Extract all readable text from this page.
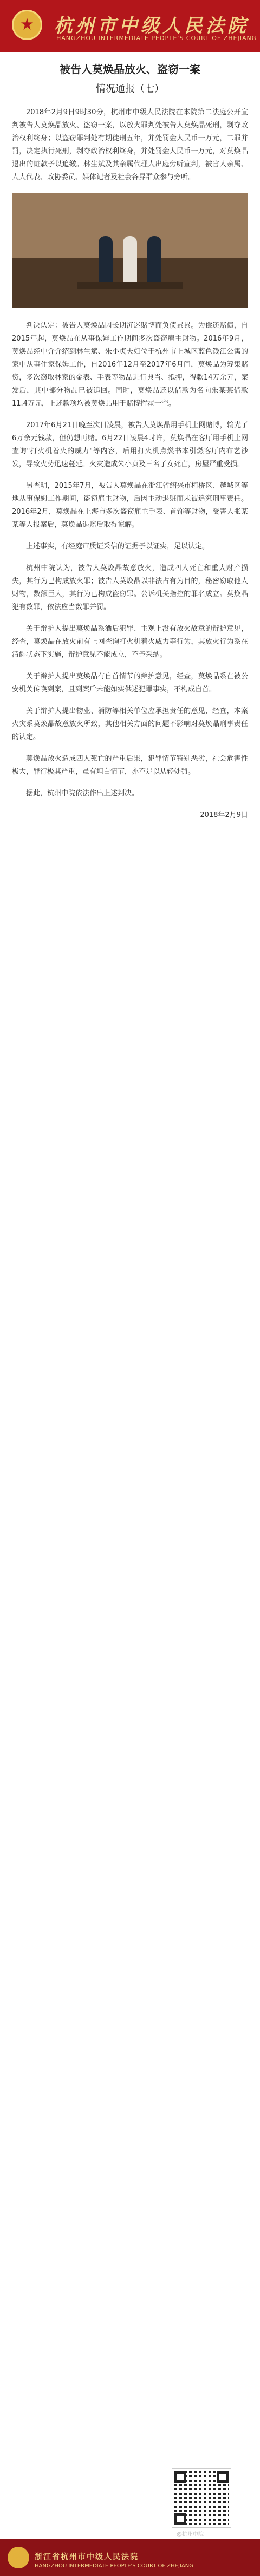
杭州市中级人民法院
HANGZHOU INTERMEDIATE PEOPLE'S COURT OF ZHEJIANG
被告人莫焕晶放火、盗窃一案
情况通报（七）

2018年2月9日9时30分，杭州市中级人民法院在本院第二法庭公开宣判被告人莫焕晶放火、盗窃一案，以放火罪判处被告人莫焕晶死刑，剥夺政治权利终身；以盗窃罪判处有期徒刑五年，并处罚金人民币一万元，二罪并罚，决定执行死刑，剥夺政治权利终身，并处罚金人民币一万元，对莫焕晶退出的赃款予以追缴。林生斌及其亲属代理人出庭旁听宣判，被害人亲属、人大代表、政协委员、媒体记者及社会各界群众参与旁听。

判决认定：被告人莫焕晶因长期沉迷赌博而负债累累。为偿还赌债，自2015年起，莫焕晶在从事保姆工作期间多次盗窃雇主财物。2016年9月，莫焕晶经中介介绍到林生斌、朱小贞夫妇位于杭州市上城区蓝色钱江公寓的家中从事住家保姆工作，自2016年12月至2017年6月间，莫焕晶为筹集赌资，多次窃取林家的金表、手表等物品进行典当、抵押，得款14万余元，案发后，其中部分物品已被追回。同时，莫焕晶还以借款为名向朱某某借款11.4万元，上述款项均被莫焕晶用于赌博挥霍一空。

2017年6月21日晚至次日凌晨，被告人莫焕晶用手机上网赌博，输光了6万余元钱款，但仍想再赌。6月22日凌晨4时许，莫焕晶在客厅用手机上网查询"打火机着火的威力"等内容，后用打火机点燃书本引燃客厅内布艺沙发，导致火势迅速蔓延。火灾造成朱小贞及三名子女死亡，房屋严重受损。

另查明，2015年7月，被告人莫焕晶在浙江省绍兴市柯桥区、越城区等地从事保姆工作期间，盗窃雇主财物，后因主动退赃而未被追究刑事责任。2016年2月，莫焕晶在上海市多次盗窃雇主手表、首饰等财物，受害人张某某等人报案后，莫焕晶退赔后取得谅解。

上述事实，有经庭审质证采信的证据予以证实，足以认定。

杭州中院认为，被告人莫焕晶故意放火，造成四人死亡和重大财产损失，其行为已构成放火罪；被告人莫焕晶以非法占有为目的，秘密窃取他人财物，数额巨大，其行为已构成盗窃罪。公诉机关指控的罪名成立。莫焕晶犯有数罪，依法应当数罪并罚。

关于辩护人提出莫焕晶系酒后犯罪、主观上没有放火故意的辩护意见，经查，莫焕晶在放火前有上网查询打火机着火威力等行为，其放火行为系在清醒状态下实施，辩护意见不能成立，不予采纳。

关于辩护人提出莫焕晶有自首情节的辩护意见，经查，莫焕晶系在被公安机关传唤到案，且到案后未能如实供述犯罪事实，不构成自首。

关于辩护人提出物业、消防等相关单位应承担责任的意见，经查，本案火灾系莫焕晶故意放火所致，其他相关方面的问题不影响对莫焕晶刑事责任的认定。

莫焕晶放火造成四人死亡的严重后果，犯罪情节特别恶劣，社会危害性极大，罪行极其严重，虽有坦白情节，亦不足以从轻处罚。

据此，杭州中院依法作出上述判决。

2018年2月9日
@杭州中院
浙江省杭州市中级人民法院
HANGZHOU INTERMEDIATE PEOPLE'S COURT OF ZHEJIANG
